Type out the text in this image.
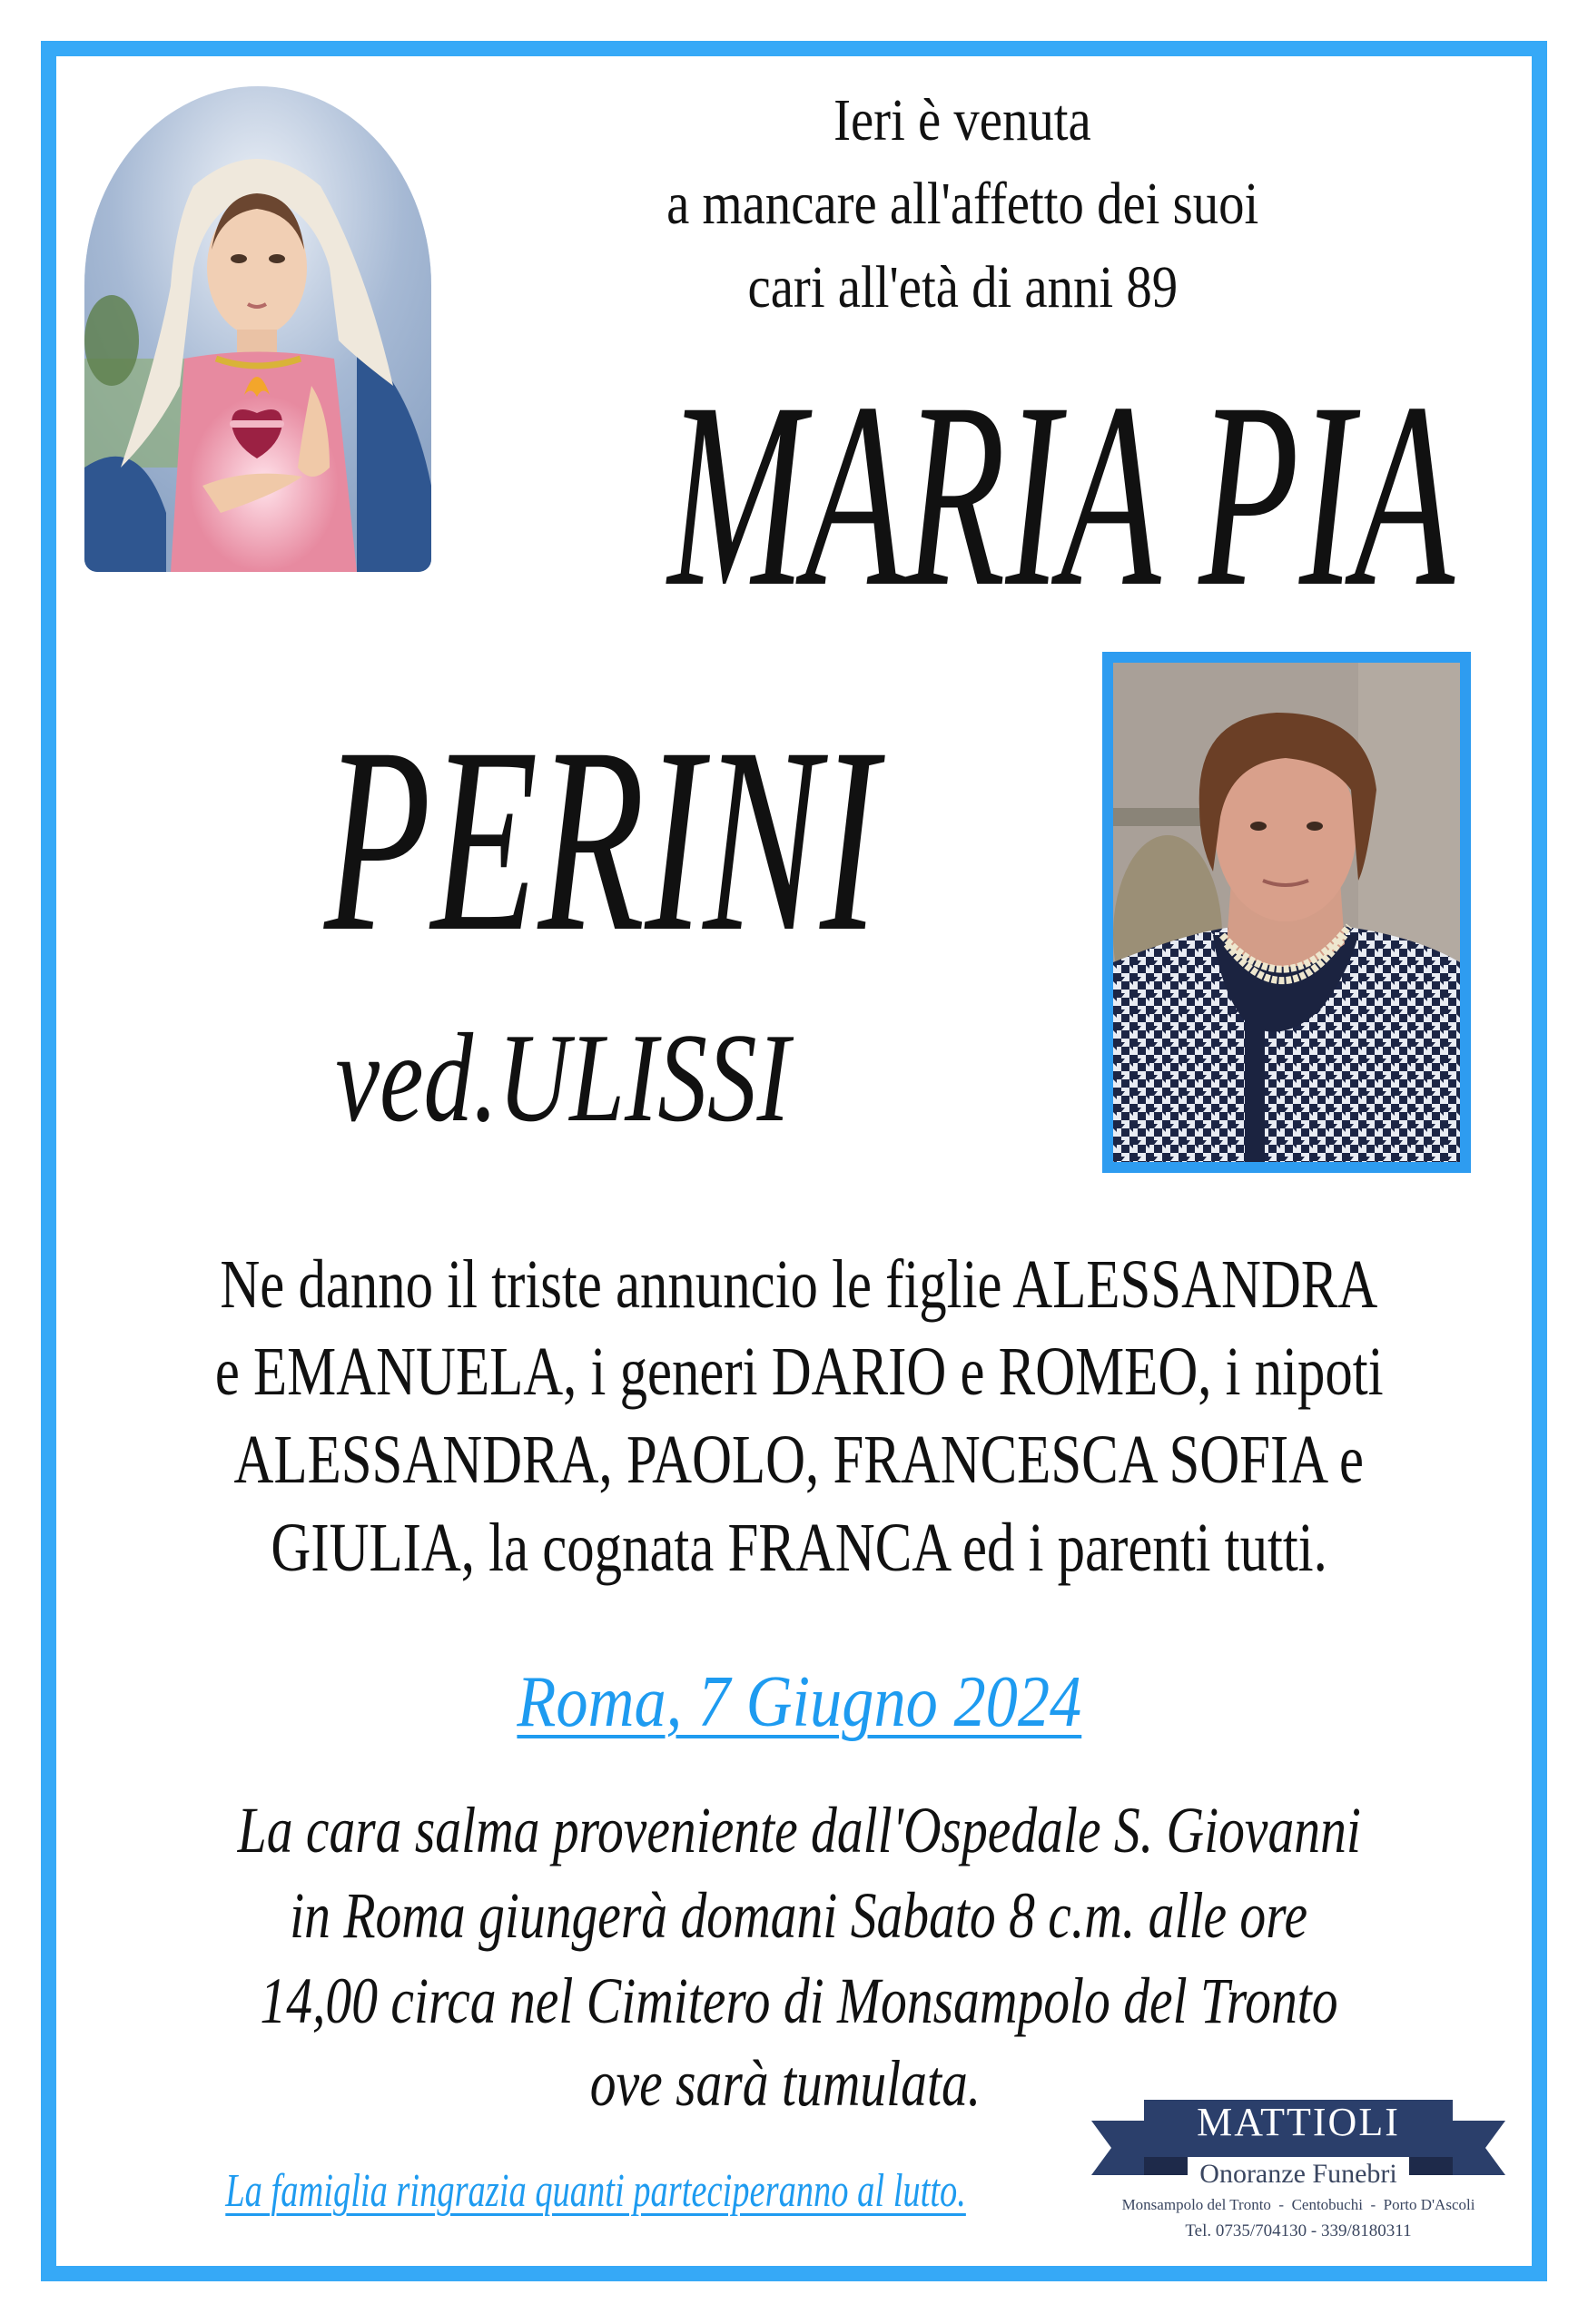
Ieri è venuta
a mancare all'affetto dei suoi
cari all'età di anni 89
MARIA PIA
PERINI
ved.ULISSI
Ne danno il triste annuncio le figlie ALESSANDRA
e EMANUELA, i generi DARIO e ROMEO, i nipoti
ALESSANDRA, PAOLO, FRANCESCA SOFIA e
GIULIA, la cognata FRANCA ed i parenti tutti.
Roma, 7 Giugno 2024
La cara salma proveniente dall'Ospedale S. Giovanni
in Roma giungerà domani Sabato 8 c.m. alle ore
14,00 circa nel Cimitero di Monsampolo del Tronto
ove sarà tumulata.
La famiglia ringrazia quanti parteciperanno al lutto.
MATTIOLI
Onoranze Funebri
Monsampolo del Tronto  -  Centobuchi  -  Porto D'Ascoli
Tel. 0735/704130 - 339/8180311
